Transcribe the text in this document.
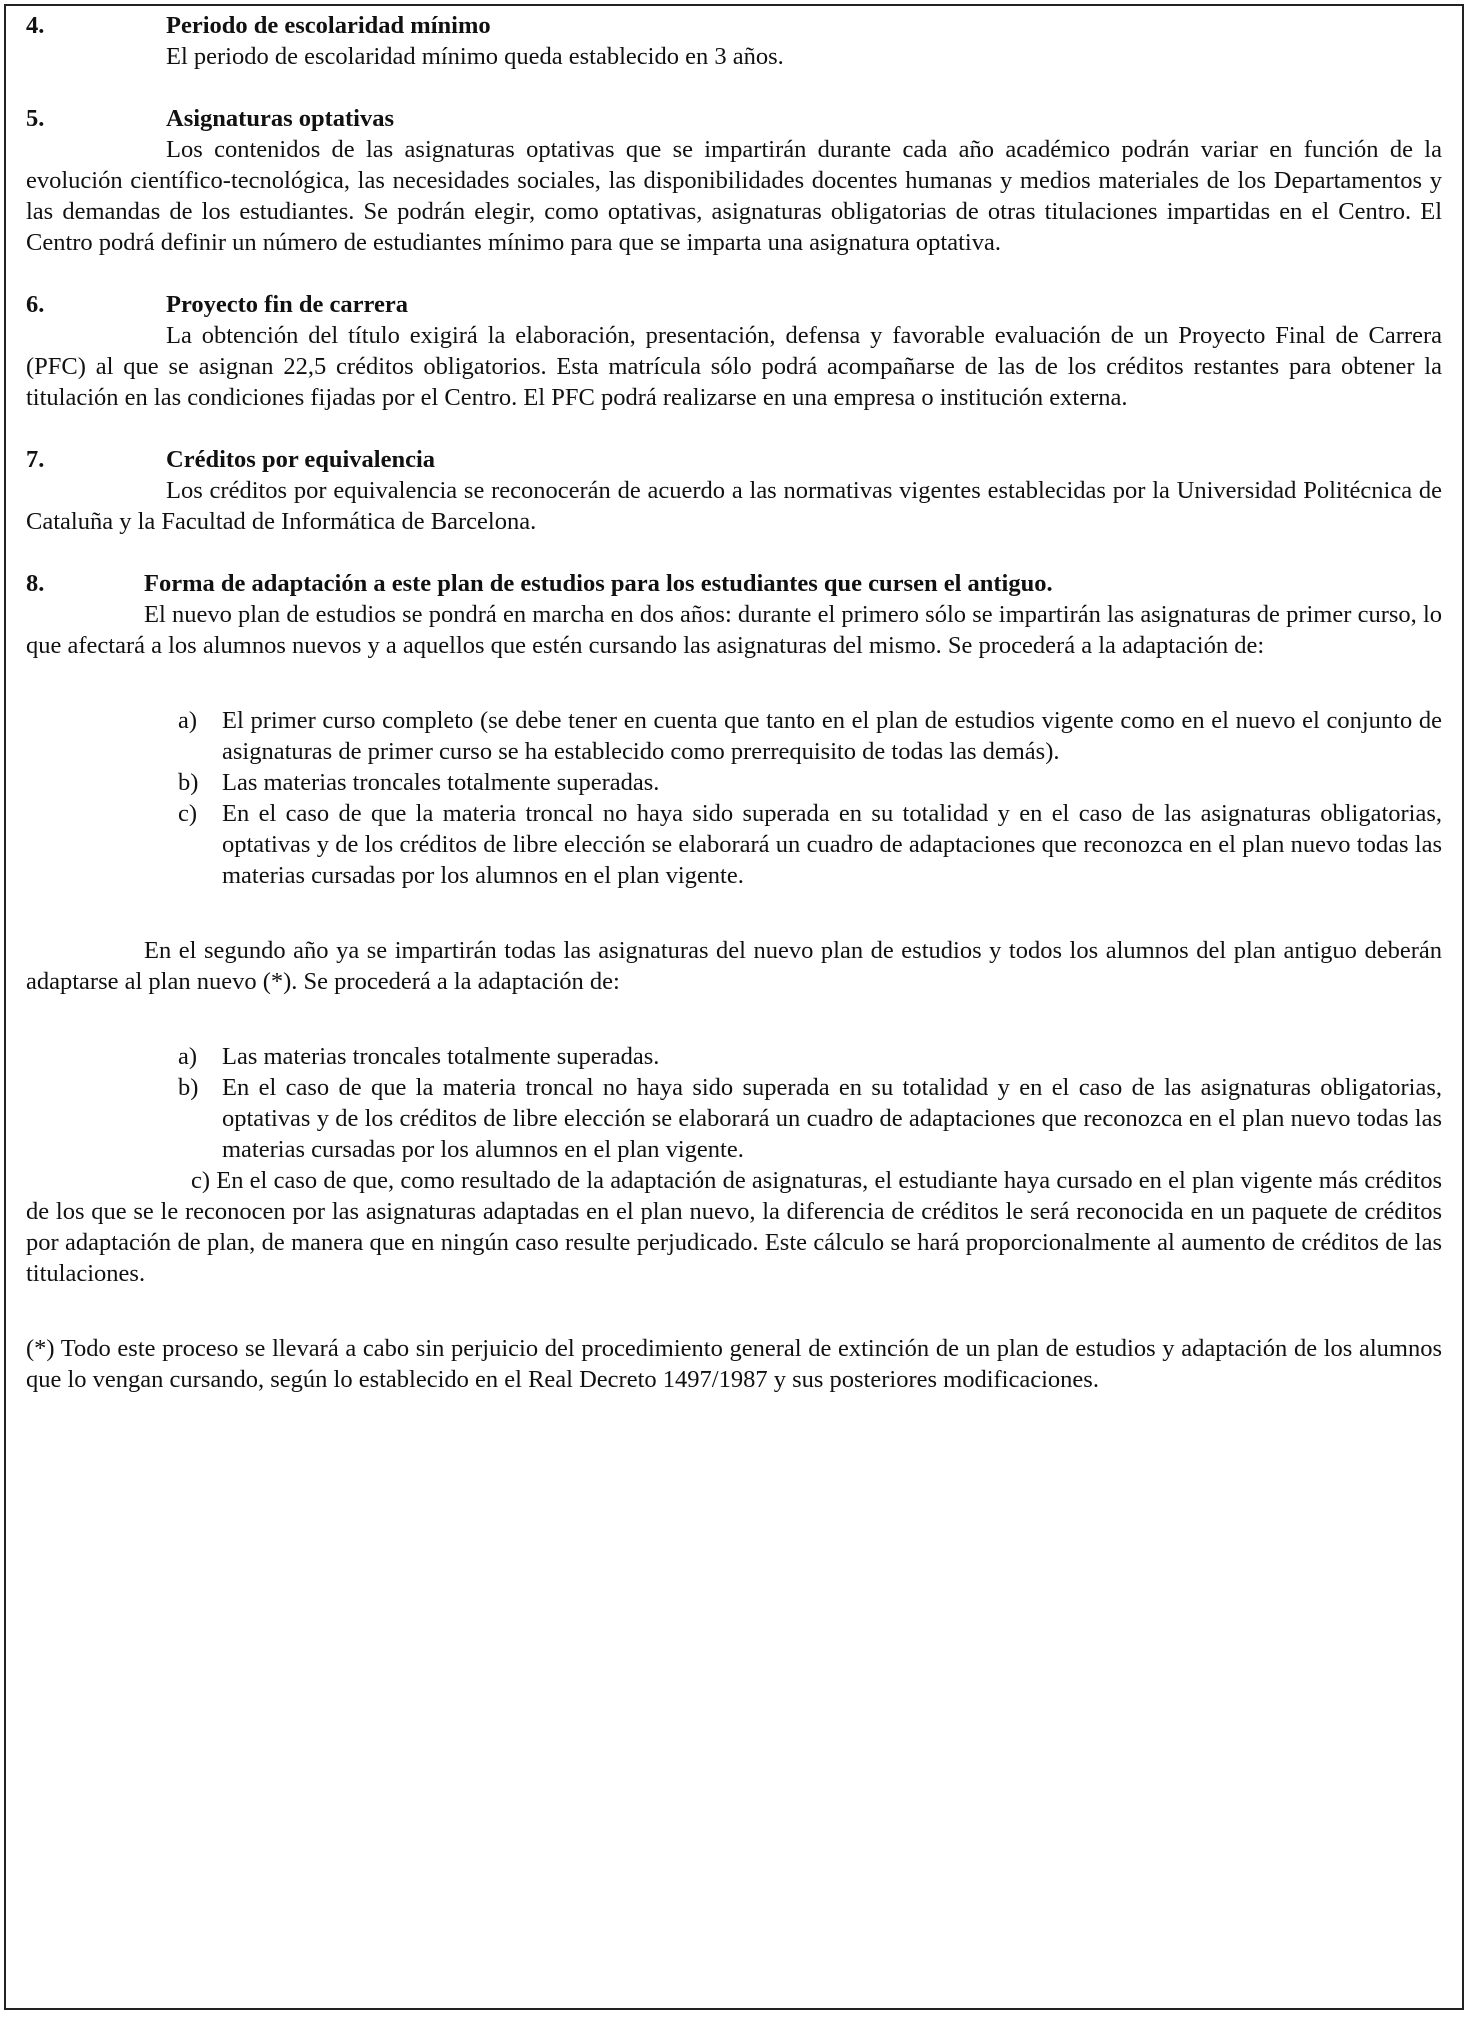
4.	Periodo de escolaridad mínimo

El periodo de escolaridad mínimo queda establecido en 3 años.

5.	Asignaturas optativas

Los contenidos de las asignaturas optativas que se impartirán durante cada año académico podrán variar en función de la evolución científico-tecnológica, las necesidades sociales, las disponibilidades docentes humanas y medios materiales de los Departamentos y las demandas de los estudiantes. Se podrán elegir, como optativas, asignaturas obligatorias de otras titulaciones impartidas en el Centro. El Centro podrá definir un número de estudiantes mínimo para que se imparta una asignatura optativa.

6.	Proyecto fin de carrera

La obtención del título exigirá la elaboración, presentación, defensa y favorable evaluación de un Proyecto Final de Carrera (PFC) al que se asignan 22,5 créditos obligatorios. Esta matrícula sólo podrá acompañarse de las de los créditos restantes para obtener la titulación en las condiciones fijadas por el Centro. El PFC podrá realizarse en una empresa o institución externa.

7.	Créditos por equivalencia

Los créditos por equivalencia se reconocerán de acuerdo a las normativas vigentes establecidas por la Universidad Politécnica de Cataluña y la Facultad de Informática de Barcelona.

8.	Forma de adaptación a este plan de estudios para los estudiantes que cursen el antiguo.

El nuevo plan de estudios se pondrá en marcha en dos años: durante el primero sólo se impartirán las asignaturas de primer curso, lo que afectará a los alumnos nuevos y a aquellos que estén cursando las asignaturas del mismo. Se procederá a la adaptación de:

a)	El primer curso completo (se debe tener en cuenta que tanto en el plan de estudios vigente como en el nuevo el conjunto de asignaturas de primer curso se ha establecido como prerrequisito de todas las demás).
b) Las materias troncales totalmente superadas.
c)	En el caso de que la materia troncal no haya sido superada en su totalidad y en el caso de las asignaturas obligatorias, optativas y de los créditos de libre elección se elaborará un cuadro de adaptaciones que reconozca en el plan nuevo todas las materias cursadas por los alumnos en el plan vigente.

En el segundo año ya se impartirán todas las asignaturas del nuevo plan de estudios y todos los alumnos del plan antiguo deberán adaptarse al plan nuevo (*). Se procederá a la adaptación de:

a)	Las materias troncales totalmente superadas.
b) En el caso de que la materia troncal no haya sido superada en su totalidad y en el caso de las asignaturas obligatorias, optativas y de los créditos de libre elección se elaborará un cuadro de adaptaciones que reconozca en el plan nuevo todas las materias cursadas por los alumnos en el plan vigente.

c) En el caso de que, como resultado de la adaptación de asignaturas, el estudiante haya cursado en el plan vigente más créditos de los que se le reconocen por las asignaturas adaptadas en el plan nuevo, la diferencia de créditos le será reconocida en un paquete de créditos por adaptación de plan, de manera que en ningún caso resulte perjudicado. Este cálculo se hará proporcionalmente al aumento de créditos de las titulaciones.

(*) Todo este proceso se llevará a cabo sin perjuicio del procedimiento general de extinción de un plan de estudios y adaptación de los alumnos que lo vengan cursando, según lo establecido en el Real Decreto 1497/1987 y sus posteriores modificaciones.
